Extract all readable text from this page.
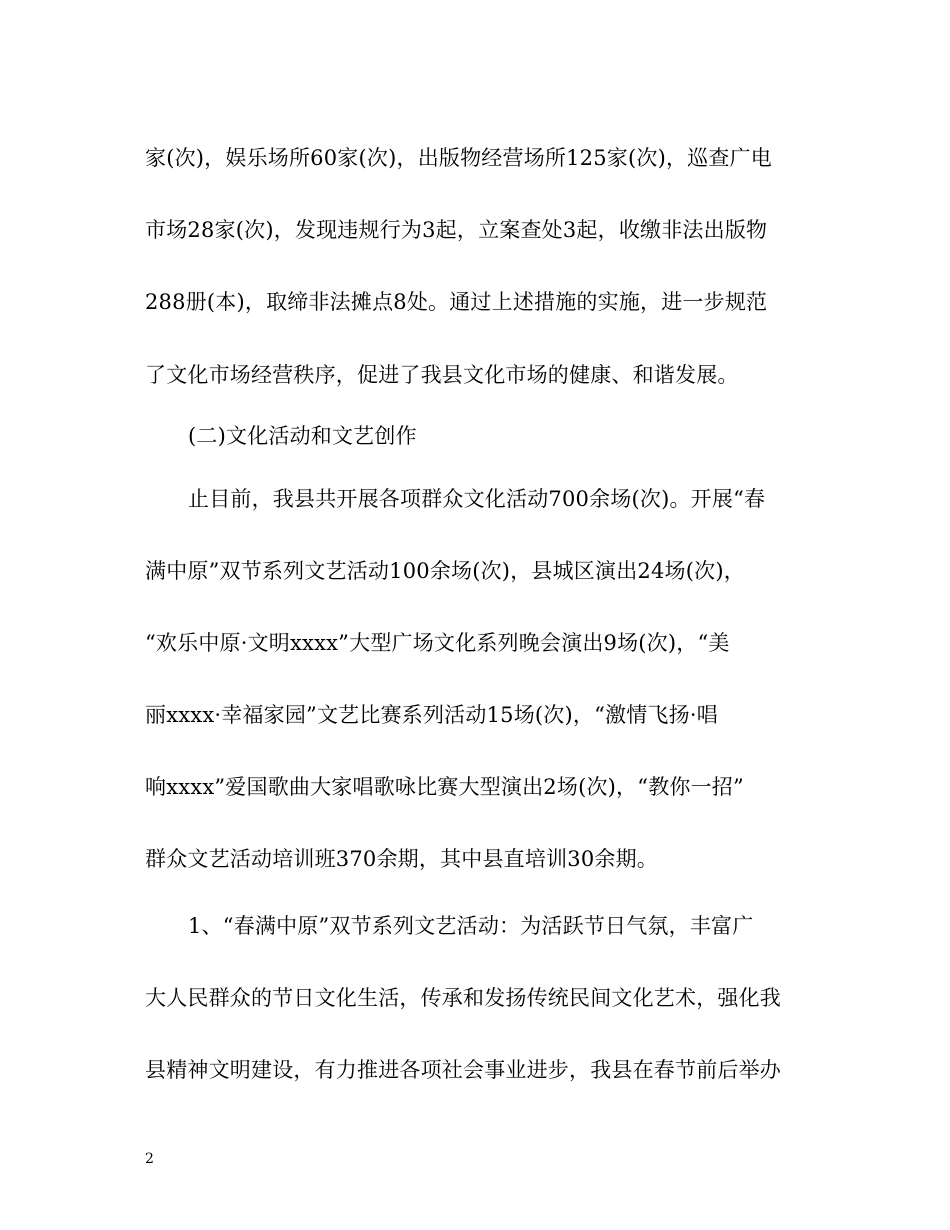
家(次)，娱乐场所60家(次)，出版物经营场所125家(次)，巡查广电
市场28家(次)，发现违规行为3起，立案查处3起，收缴非法出版物
288册(本)，取缔非法摊点8处。通过上述措施的实施，进一步规范
了文化市场经营秩序，促进了我县文化市场的健康、和谐发展。
(二)文化活动和文艺创作
止目前，我县共开展各项群众文化活动700余场(次)。开展“春
满中原”双节系列文艺活动100余场(次)，县城区演出24场(次)，
“欢乐中原·文明xxxx”大型广场文化系列晚会演出9场(次)，“美
丽xxxx·幸福家园”文艺比赛系列活动15场(次)，“激情飞扬·唱
响xxxx”爱国歌曲大家唱歌咏比赛大型演出2场(次)，“教你一招”
群众文艺活动培训班370余期，其中县直培训30余期。
1、“春满中原”双节系列文艺活动：为活跃节日气氛，丰富广
大人民群众的节日文化生活，传承和发扬传统民间文化艺术，强化我
县精神文明建设，有力推进各项社会事业进步，我县在春节前后举办
2
